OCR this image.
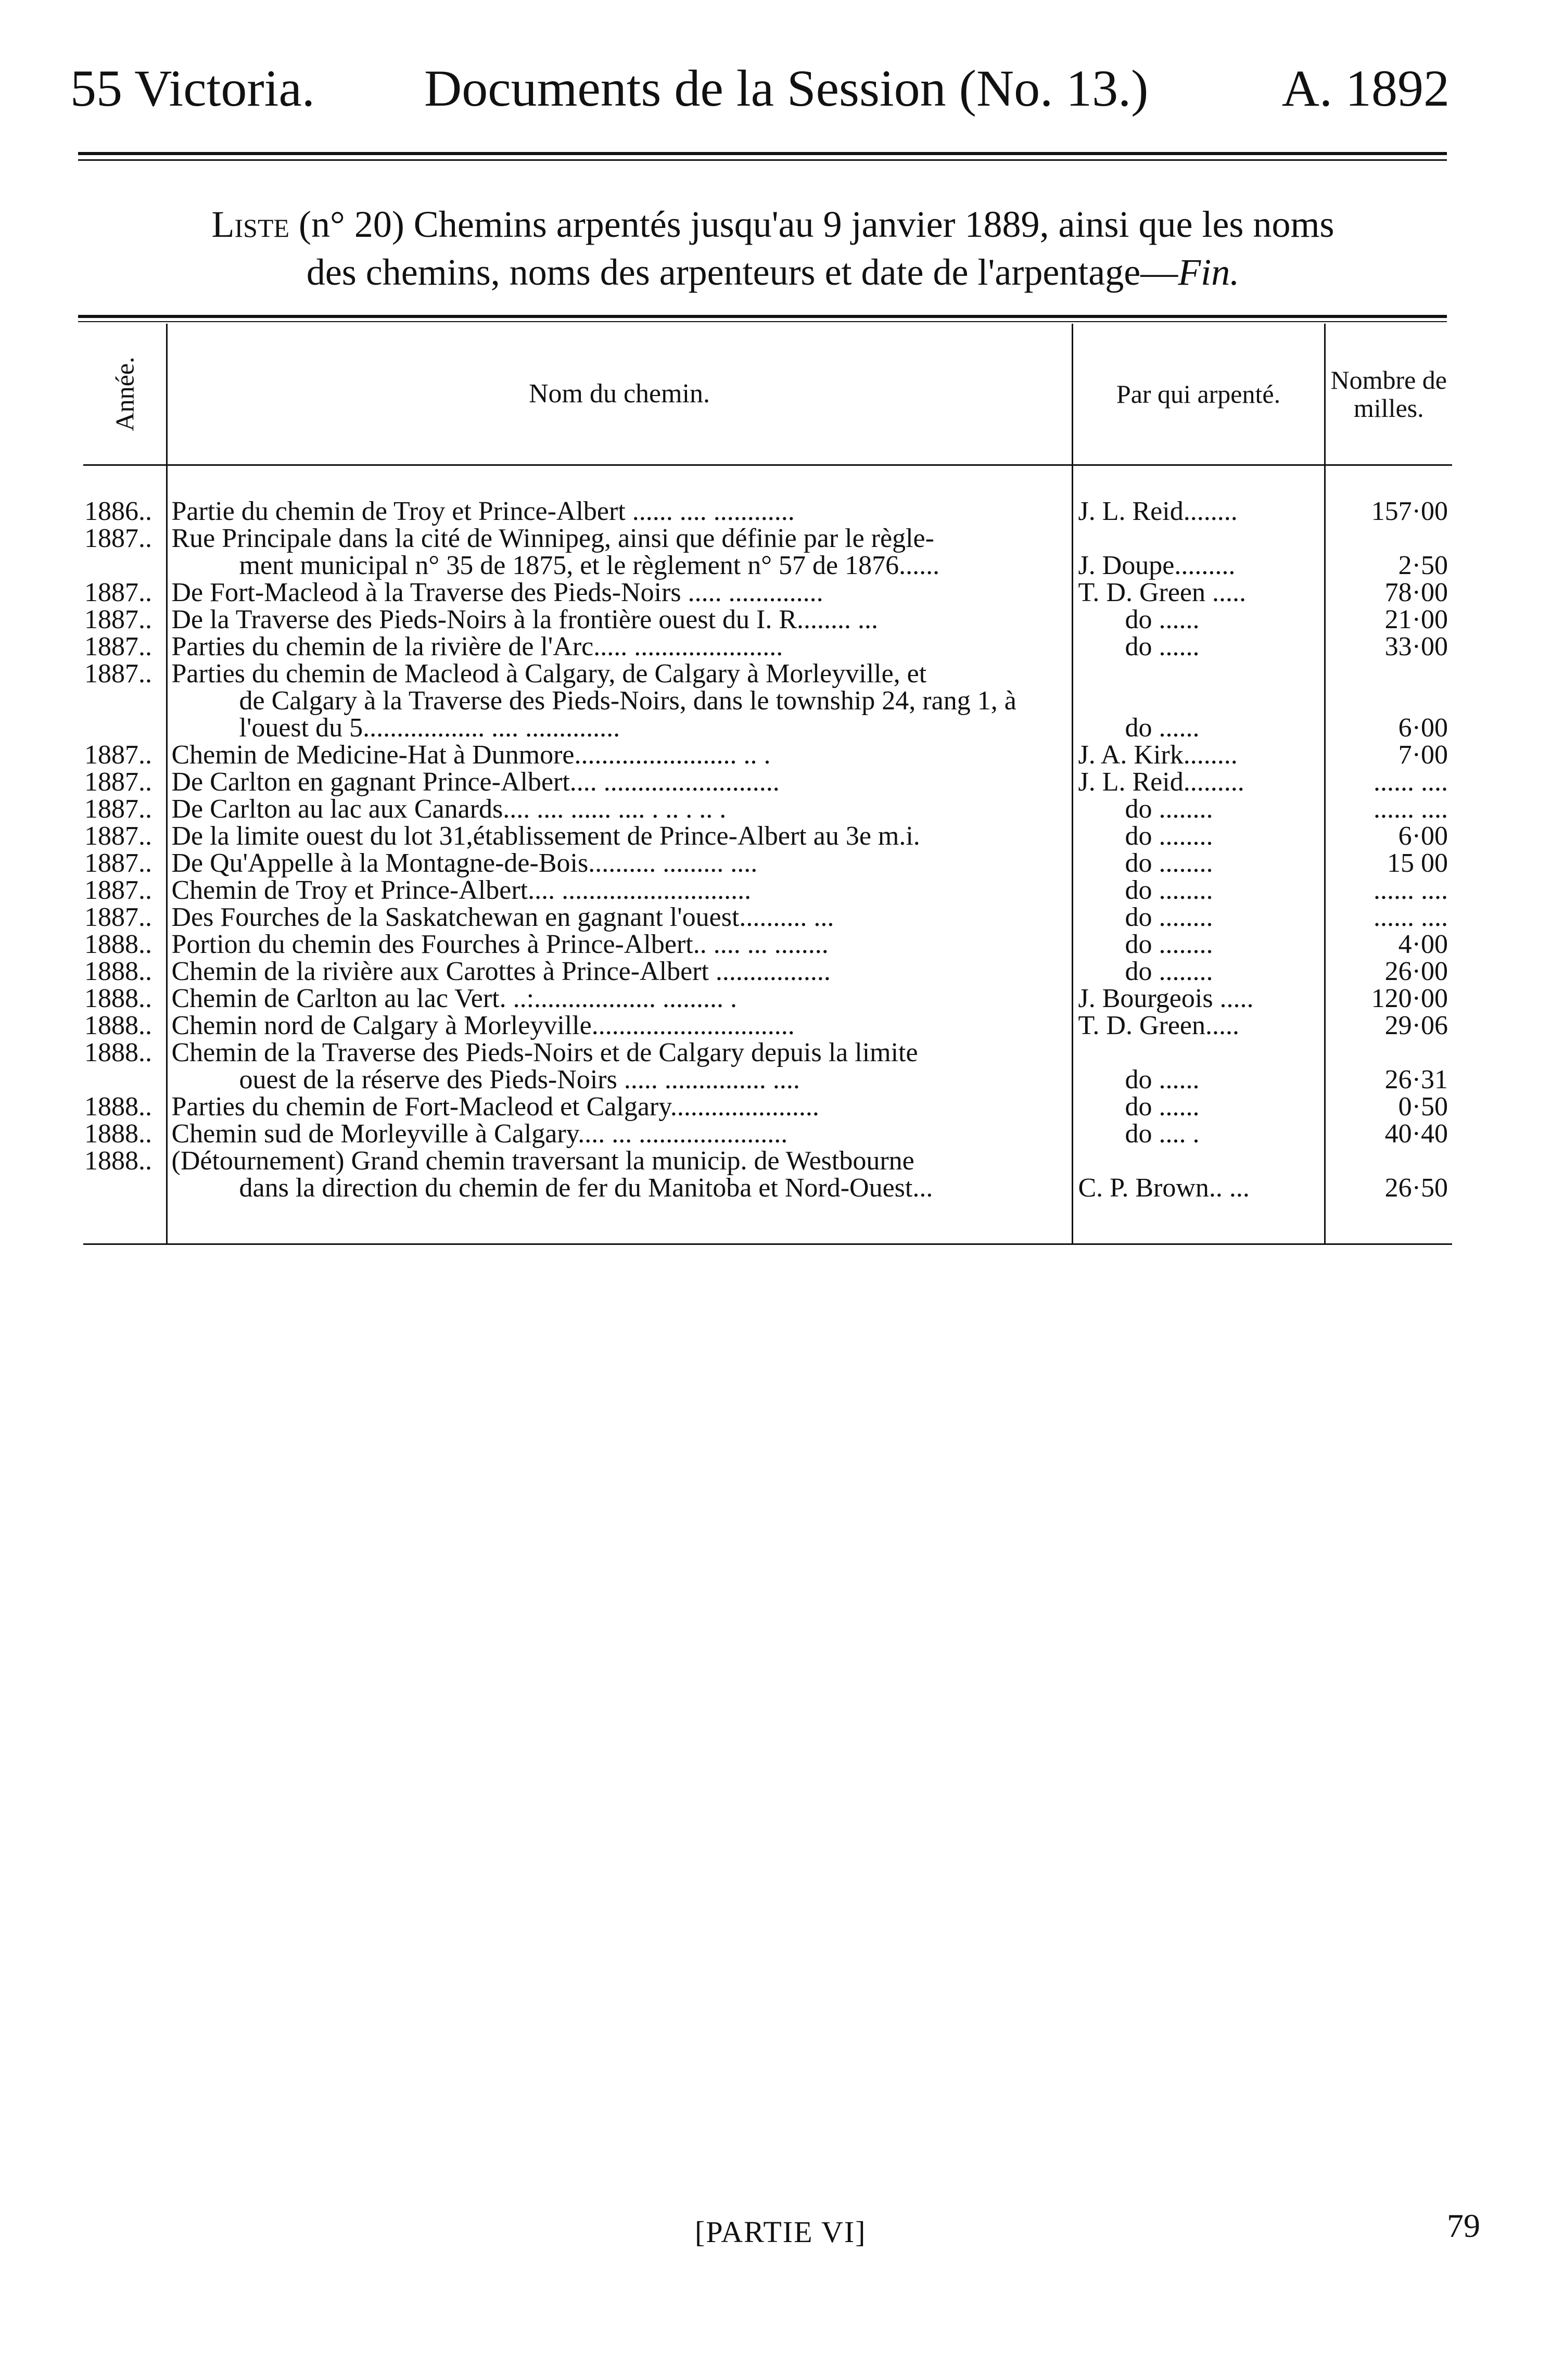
55 Victoria. Documents de la Session (No. 13.)	A. 1892
Liste (n° 20) Chemins arpentés jusqu'au 9 janvier 1889, ainsi que les noms
des chemins, noms des arpenteurs et date de l'arpentage—Fin.
Année.	Nom du chemin.	Par qui arpenté.	Nombre de milles.
1886..	Partie du chemin de Troy et Prince-Albert ...... .... ............	J. L. Reid........	157·00
1887..	Rue Principale dans la cité de Winnipeg, ainsi que définie par le règle-
ment municipal n° 35 de 1875, et le règlement n° 57 de 1876......	J. Doupe.........	2·50
1887..	De Fort-Macleod à la Traverse des Pieds-Noirs ..... ..............	T. D. Green .....	78·00
1887..	De la Traverse des Pieds-Noirs à la frontière ouest du I. R........ ...	do ......	21·00
1887..	Parties du chemin de la rivière de l'Arc..... ......................	do ......	33·00
1887..	Parties du chemin de Macleod à Calgary, de Calgary à Morleyville, et
de Calgary à la Traverse des Pieds-Noirs, dans le township 24, rang 1, à l'ouest du 5.................. .... ..............	do ......	6·00
1887..	Chemin de Medicine-Hat à Dunmore........................ .. .	J. A. Kirk........	7·00
1887..	De Carlton en gagnant Prince-Albert.... ..........................	J. L. Reid.........	...... ....
1887..	De Carlton au lac aux Canards.... .... ...... .... . .. . .. .	do ........	...... ....
1887..	De la limite ouest du lot 31,établissement de Prince-Albert au 3e m.i.	do ........	6·00
1887..	De Qu'Appelle à la Montagne-de-Bois.......... ......... ....	do ........	15 00
1887..	Chemin de Troy et Prince-Albert.... ............................	do ........	...... ....
1887..	Des Fourches de la Saskatchewan en gagnant l'ouest.......... ...	do ........	...... ....
1888..	Portion du chemin des Fourches à Prince-Albert.. .... ... ........	do ........	4·00
1888..	Chemin de la rivière aux Carottes à Prince-Albert .................	do ........	26·00
1888..	Chemin de Carlton au lac Vert. ..:.................. ......... .	J. Bourgeois .....	120·00
1888..	Chemin nord de Calgary à Morleyville..............................	T. D. Green.....	29·06
1888..	Chemin de la Traverse des Pieds-Noirs et de Calgary depuis la limite
ouest de la réserve des Pieds-Noirs ..... ............... ....	do ......	26·31
1888..	Parties du chemin de Fort-Macleod et Calgary......................	do ......	0·50
1888..	Chemin sud de Morleyville à Calgary.... ... ......................	do .... .	40·40
1888..	(Détournement) Grand chemin traversant la municip. de Westbourne
dans la direction du chemin de fer du Manitoba et Nord-Ouest...	C. P. Brown.. ...	26·50

[PARTIE VI]	79
